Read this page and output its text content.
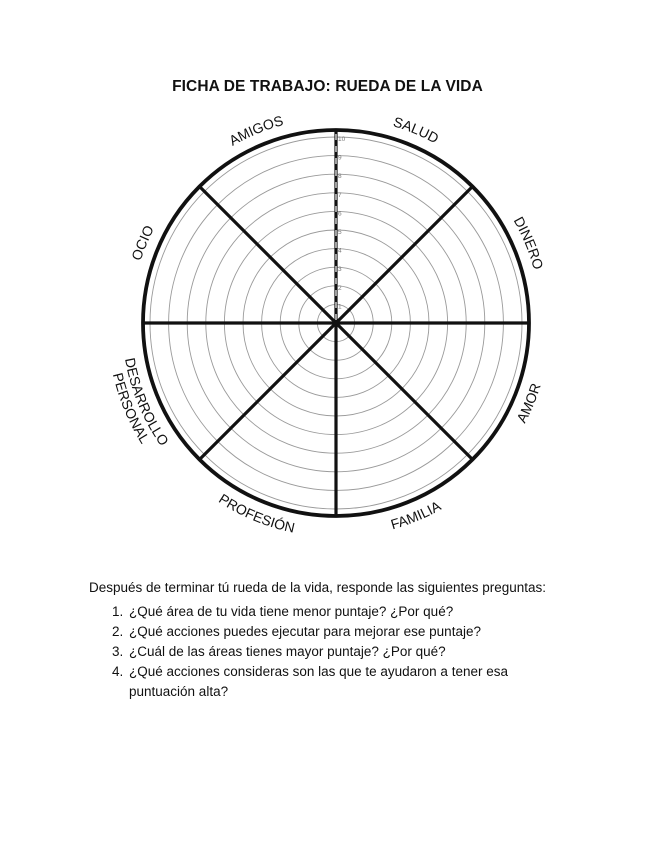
FICHA DE TRABAJO: RUEDA DE LA VIDA
1
2
3
4
5
6
7
8
9
10
AMIGOS	SALUD
DINERO
AMOR
FAMILIA
PROFESIÓN
DESARROLLO
PERSONAL
OCIO
Después de terminar tú rueda de la vida, responde las siguientes preguntas:
1. ¿Qué área de tu vida tiene menor puntaje? ¿Por qué?
2. ¿Qué acciones puedes ejecutar para mejorar ese puntaje?
3. ¿Cuál de las áreas tienes mayor puntaje? ¿Por qué?
4. ¿Qué acciones consideras son las que te ayudaron a tener esa puntuación alta?
